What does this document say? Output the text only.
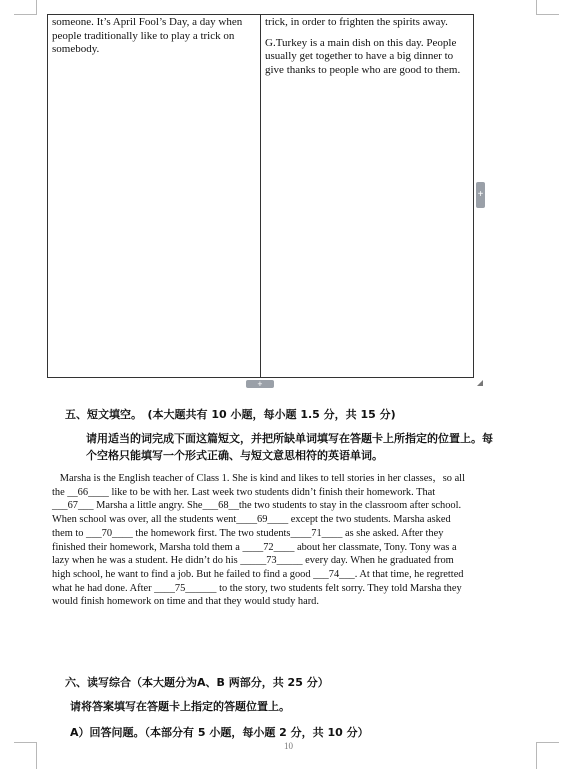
someone. It’s April Fool’s Day, a day when people traditionally like to play a trick on somebody.

trick, in order to frighten the spirits away.

G.Turkey is a main dish on this day. People usually get together to have a big dinner to give thanks to people who are good to them.

+
+
五、短文填空。　(本大题共有 10 小题，每小题 1.5 分，共 15 分)
请用适当的词完成下面这篇短文，并把所缺单词填写在答题卡上所指定的位置上。每
个空格只能填写一个形式正确、与短文意思相符的英语单词。
Marsha is the English teacher of Class 1. She is kind and likes to tell stories in her classes，so all
the __66____ like to be with her. Last week two students didn’t finish their homework. That
___67___ Marsha a little angry. She___68__the two students to stay in the classroom after school.
When school was over, all the students went____69____ except the two students. Marsha asked
them to ___70____ the homework first. The two students____71____ as she asked. After they
finished their homework, Marsha told them a ____72____ about her classmate, Tony. Tony was a
lazy when he was a student. He didn’t do his _____73_____ every day. When he graduated from
high school, he want to find a job. But he failed to find a good ___74___. At that time, he regretted
what he had done. After ____75______ to the story, two students felt sorry. They told Marsha they
would finish homework on time and that they would study hard.
六、读写综合（本大题分为A、B 两部分，共 25 分）
请将答案填写在答题卡上指定的答题位置上。
A）回答问题。（本部分有 5 小题，每小题 2 分，共 10 分）
10
